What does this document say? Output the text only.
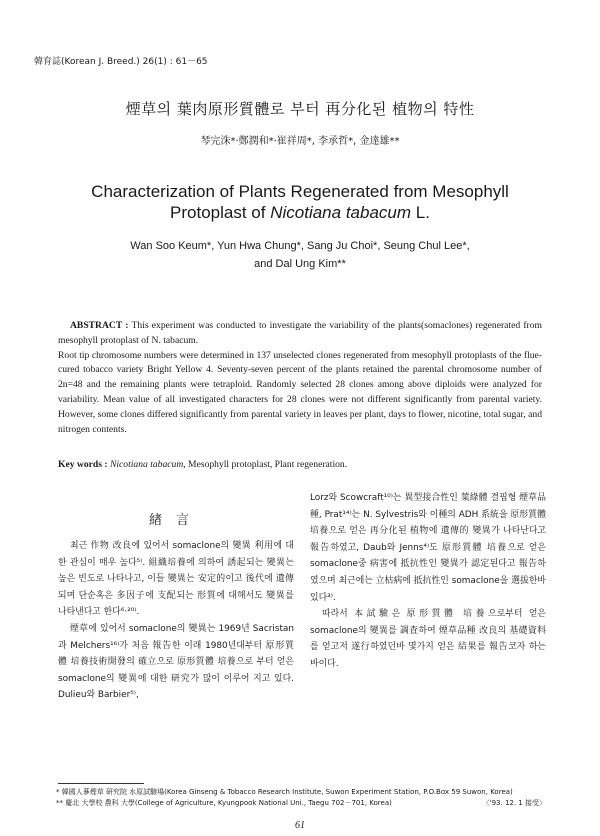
韓育誌(Korean J. Breed.) 26(1) : 61－65
煙草의 葉肉原形質體로 부터 再分化된 植物의 特性
琴完洙*·鄭潤和*·崔祥周*, 李承哲*, 金達雄**
Characterization of Plants Regenerated from Mesophyll
Protoplast of Nicotiana tabacum L.
Wan Soo Keum*, Yun Hwa Chung*, Sang Ju Choi*, Seung Chul Lee*,
and Dal Ung Kim**

ABSTRACT : This experiment was conducted to investigate the variability of the plants(somaclones) regenerated from mesophyll protoplast of N. tabacum.

Root tip chromosome numbers were determined in 137 unselected clones regenerated from mesophyll protoplasts of the flue-cured tobacco variety Bright Yellow 4. Seventy-seven percent of the plants retained the parental chromosome number of 2n=48 and the remaining plants were tetraploid. Randomly selected 28 clones among above diploids were analyzed for variability. Mean value of all investigated characters for 28 clones were not different significantly from parental variety. However, some clones differed significantly from parental variety in leaves per plant, days to flower, nicotine, total sugar, and nitrogen contents.

Key words : Nicotiana tabacum, Mesophyll protoplast, Plant regeneration.
緖言

최근 作物 改良에 있어서 somaclone의 變異 利用에 대한 관심이 매우 높다⁵⁾. 組織培養에 의하여 誘起되는 變異는 높은 빈도로 나타나고, 이들 變異는 安定的이고 後代에 遺傳되며 단순혹은 多因子에 支配되는 形質에 대해서도 變異를 나타낸다고 한다⁶·²⁰⁾.

煙草에 있어서 somaclone의 變異는 1969년 Sacristan과 Melchers¹⁶⁾가 처음 報告한 이래 1980년대부터 原形質體 培養技術開發의 確立으로 原形質體 培養으로 부터 얻은 somaclone의 變異에 대한 研究가 많이 이루어 지고 있다. Dulieu와 Barbier⁵⁾,

Lorz와 Scowcraft¹⁰⁾는 異型接合性인 葉綠體 결핍형 煙草品種, Prat¹⁴⁾는 N. Sylvestris와 이種의 ADH 系統을 原形質體 培養으로 얻은 再分化된 植物에 遺傳的 變異가 나타난다고 報告하였고, Daub와 Jenns⁴⁾도 原形質體 培養으로 얻은 somaclone중 病害에 抵抗性인 變異가 認定된다고 報告하였으며 최근에는 立枯病에 抵抗性인 somaclone을 選拔한바 있다³⁾.

따라서 本試驗은 原形質體 培養으로부터 얻은 somaclone의 變異를 調査하여 煙草品種 改良의 基礎資料를 얻고저 遂行하였던바 몇가지 얻은 結果를 報告코자 하는 바이다.

* 韓國人蔘煙草 硏究院 水原試驗場(Korea Ginseng & Tobacco Research Institute, Suwon Experiment Station, P.O.Box 59 Suwon, Korea)

** 慶北 大學校 農科 大學(College of Agriculture, Kyungpook National Uni., Taegu 702－701, Korea)	〈'93. 12. 1 接受〉

61
